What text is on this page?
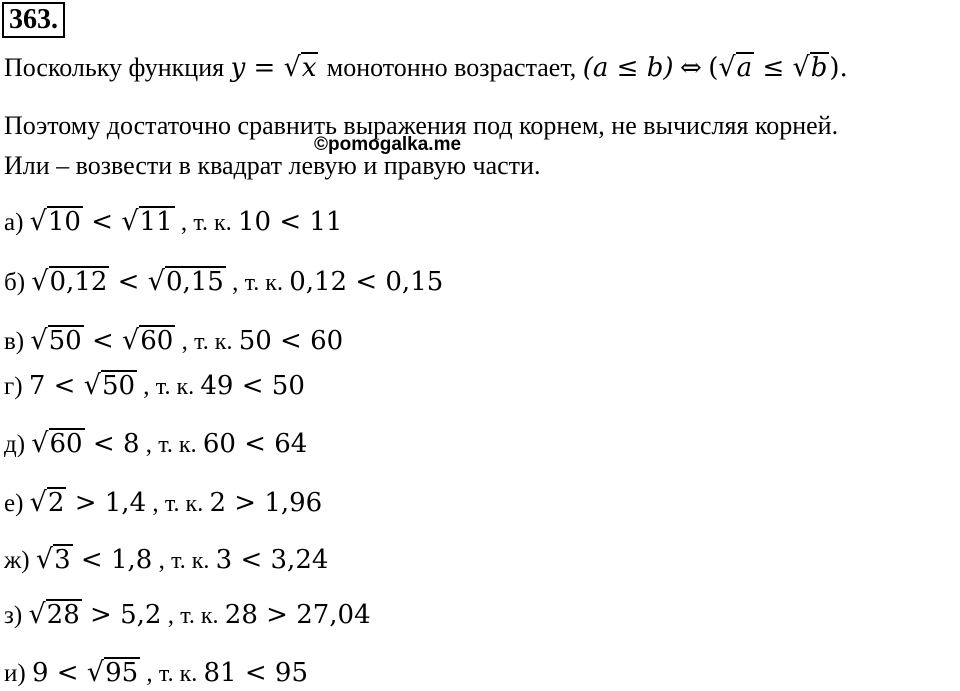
363.
Поскольку функция y = √x монотонно возрастает, (a ≤ b) ⇔ (√a ≤ √b).
Поэтому достаточно сравнить выражения под корнем, не вычисляя корней.
©pomogalka.me
Или – возвести в квадрат левую и правую части.
а) √10 < √11 , т. к. 10 < 11
б) √0,12 < √0,15 , т. к. 0,12 < 0,15
в) √50 < √60 , т. к. 50 < 60
г) 7 < √50 , т. к. 49 < 50
д) √60 < 8 , т. к. 60 < 64
е) √2 > 1,4 , т. к. 2 > 1,96
ж) √3 < 1,8 , т. к. 3 < 3,24
з) √28 > 5,2 , т. к. 28 > 27,04
и) 9 < √95 , т. к. 81 < 95
